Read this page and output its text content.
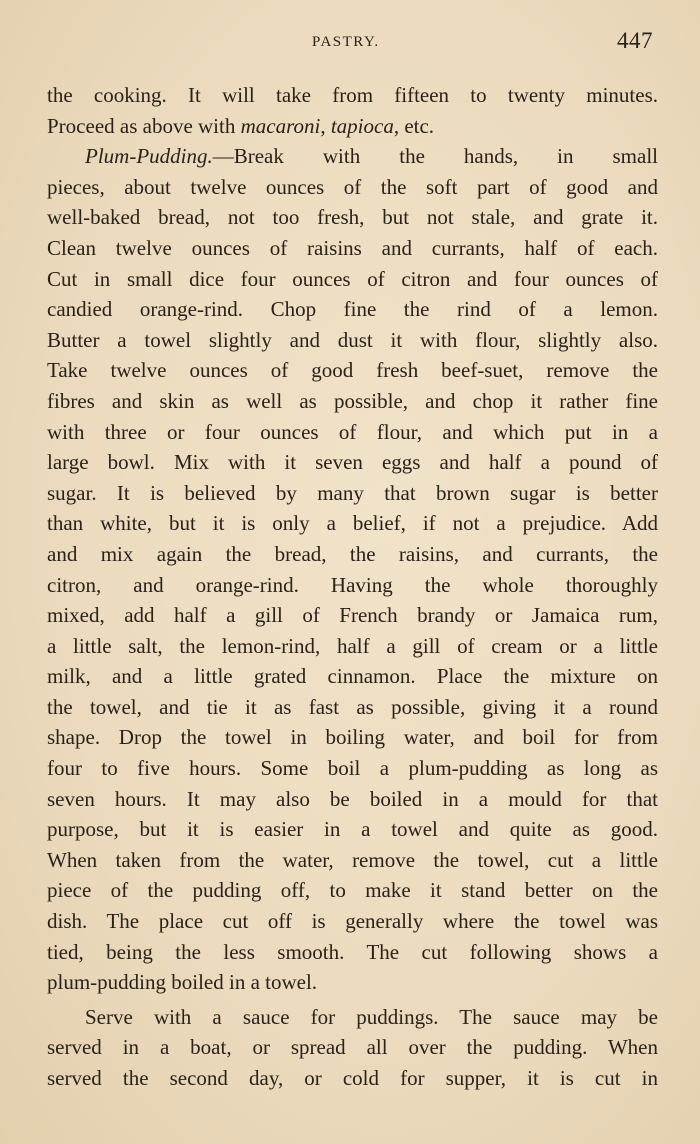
PASTRY.	447
the cooking. It will take from fifteen to twenty minutes.
Proceed as above with macaroni, tapioca, etc.
Plum-Pudding.—Break with the hands, in small
pieces, about twelve ounces of the soft part of good and
well-baked bread, not too fresh, but not stale, and grate it.
Clean twelve ounces of raisins and currants, half of each.
Cut in small dice four ounces of citron and four ounces of
candied orange-rind. Chop fine the rind of a lemon.
Butter a towel slightly and dust it with flour, slightly also.
Take twelve ounces of good fresh beef-suet, remove the
fibres and skin as well as possible, and chop it rather fine
with three or four ounces of flour, and which put in a
large bowl. Mix with it seven eggs and half a pound of
sugar. It is believed by many that brown sugar is better
than white, but it is only a belief, if not a prejudice. Add
and mix again the bread, the raisins, and currants, the
citron, and orange-rind. Having the whole thoroughly
mixed, add half a gill of French brandy or Jamaica rum,
a little salt, the lemon-rind, half a gill of cream or a little
milk, and a little grated cinnamon. Place the mixture on
the towel, and tie it as fast as possible, giving it a round
shape. Drop the towel in boiling water, and boil for from
four to five hours. Some boil a plum-pudding as long as
seven hours. It may also be boiled in a mould for that
purpose, but it is easier in a towel and quite as good.
When taken from the water, remove the towel, cut a little
piece of the pudding off, to make it stand better on the
dish. The place cut off is generally where the towel was
tied, being the less smooth. The cut following shows a
plum-pudding boiled in a towel.
Serve with a sauce for puddings. The sauce may be
served in a boat, or spread all over the pudding. When
served the second day, or cold for supper, it is cut in
